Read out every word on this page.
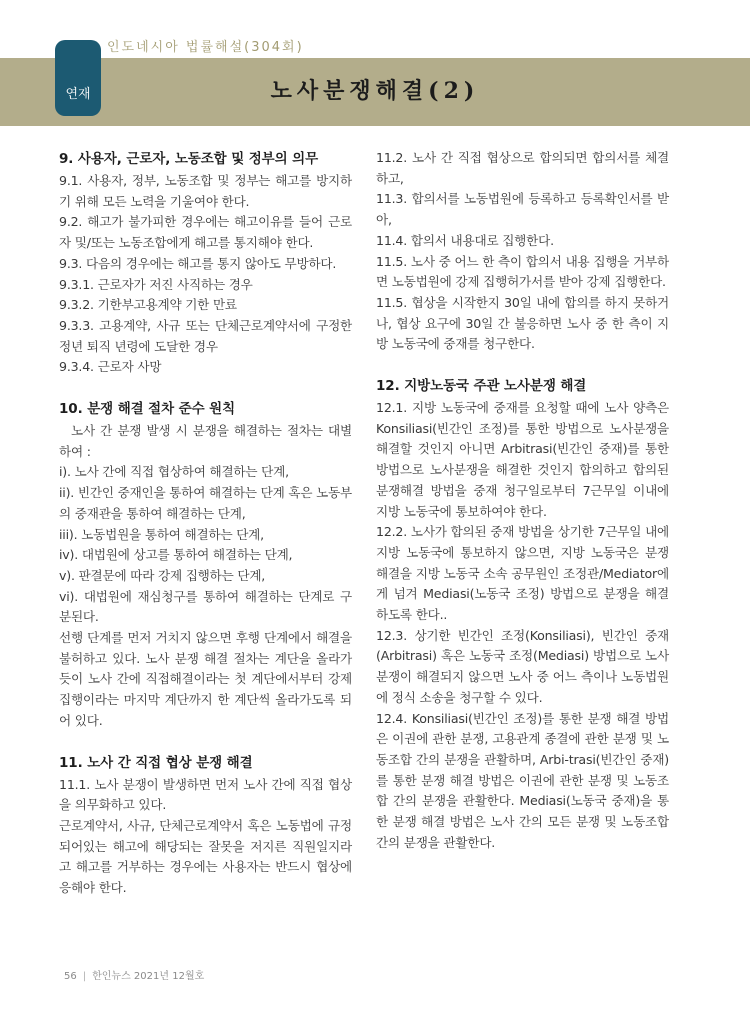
인도네시아 법률해설(304회)
연재	노사분쟁해결(2)

9. 사용자, 근로자, 노동조합 및 정부의 의무

9.1. 사용자, 정부, 노동조합 및 정부는 해고를 방지하기 위해 모든 노력을 기울여야 한다.

9.2. 해고가 불가피한 경우에는 해고이유를 들어 근로자 및/또는 노동조합에게 해고를 통지해야 한다.

9.3. 다음의 경우에는 해고를 통지 않아도 무방하다.

9.3.1. 근로자가 저진 사직하는 경우

9.3.2. 기한부고용계약 기한 만료

9.3.3. 고용계약, 사규 또는 단체근로계약서에 구정한 정년 퇴직 년령에 도달한 경우

9.3.4. 근로자 사망

10. 분쟁 해결 절차 준수 원칙

노사 간 분쟁 발생 시 분쟁을 해결하는 절차는 대별하여 :

i). 노사 간에 직접 협상하여 해결하는 단계,

ii). 빈간인 중재인을 통하여 해결하는 단계 혹은 노동부의 중재관을 통하여 해결하는 단계,

iii). 노동법원을 통하여 해결하는 단계,

iv). 대법원에 상고를 통하여 해결하는 단계,

v). 판결문에 따라 강제 집행하는 단계,

vi). 대법원에 재심청구를 통하여 해결하는 단계로 구분된다.

선행 단계를 먼저 거치지 않으면 후행 단계에서 해결을 불허하고 있다. 노사 분쟁 해결 절차는 계단을 올라가듯이 노사 간에 직접해결이라는 첫 계단에서부터 강제집행이라는 마지막 계단까지 한 계단씩 올라가도록 되어 있다.

11. 노사 간 직접 협상 분쟁 해결

11.1. 노사 분쟁이 발생하면 먼저 노사 간에 직접 협상을 의무화하고 있다.

근로계약서, 사규, 단체근로계약서 혹은 노동법에 규정되어있는 해고에 해당되는 잘못을 저지른 직원일지라고 해고를 거부하는 경우에는 사용자는 반드시 협상에 응해야 한다.

11.2. 노사 간 직접 협상으로 합의되면 합의서를 체결하고,

11.3. 합의서를 노동법원에 등록하고 등록확인서를 받아,

11.4. 합의서 내용대로 집행한다.

11.5. 노사 중 어느 한 측이 합의서 내용 집행을 거부하면 노동법원에 강제 집행허가서를 받아 강제 집행한다.

11.5. 협상을 시작한지 30일 내에 합의를 하지 못하거나, 협상 요구에 30일 간 불응하면 노사 중 한 측이 지방 노동국에 중재를 청구한다.

12. 지방노동국 주관 노사분쟁 해결

12.1. 지방 노동국에 중재를 요청할 때에 노사 양측은 Konsiliasi(빈간인 조정)를 통한 방법으로 노사분쟁을 해결할 것인지 아니면 Arbitrasi(빈간인 중재)를 통한 방법으로 노사분쟁을 해결한 것인지 합의하고 합의된 분쟁해결 방법을 중재 청구일로부터 7근무일 이내에 지방 노동국에 통보하여야 한다.

12.2. 노사가 합의된 중재 방법을 상기한 7근무일 내에 지방 노동국에 통보하지 않으면, 지방 노동국은 분쟁 해결을 지방 노동국 소속 공무원인 조정관/Mediator에게 넘겨 Mediasi(노동국 조정) 방법으로 분쟁을 해결하도록 한다..

12.3. 상기한 빈간인 조정(Konsiliasi), 빈간인 중재(Arbitrasi) 혹은 노동국 조정(Mediasi) 방법으로 노사분쟁이 해결되지 않으면 노사 중 어느 측이나 노동법원에 정식 소송을 청구할 수 있다.

12.4. Konsiliasi(빈간인 조정)를 통한 분쟁 해결 방법은 이권에 관한 분쟁, 고용관계 종결에 관한 분쟁 및 노동조합 간의 분쟁을 관활하며, Arbi-trasi(빈간인 중재)를 통한 분쟁 해결 방법은 이권에 관한 분쟁 및 노동조합 간의 분쟁을 관활한다. Mediasi(노동국 중재)을 통한 분쟁 해결 방법은 노사 간의 모든 분쟁 및 노동조합 간의 분쟁을 관활한다.

56 | 한인뉴스 2021년 12월호
